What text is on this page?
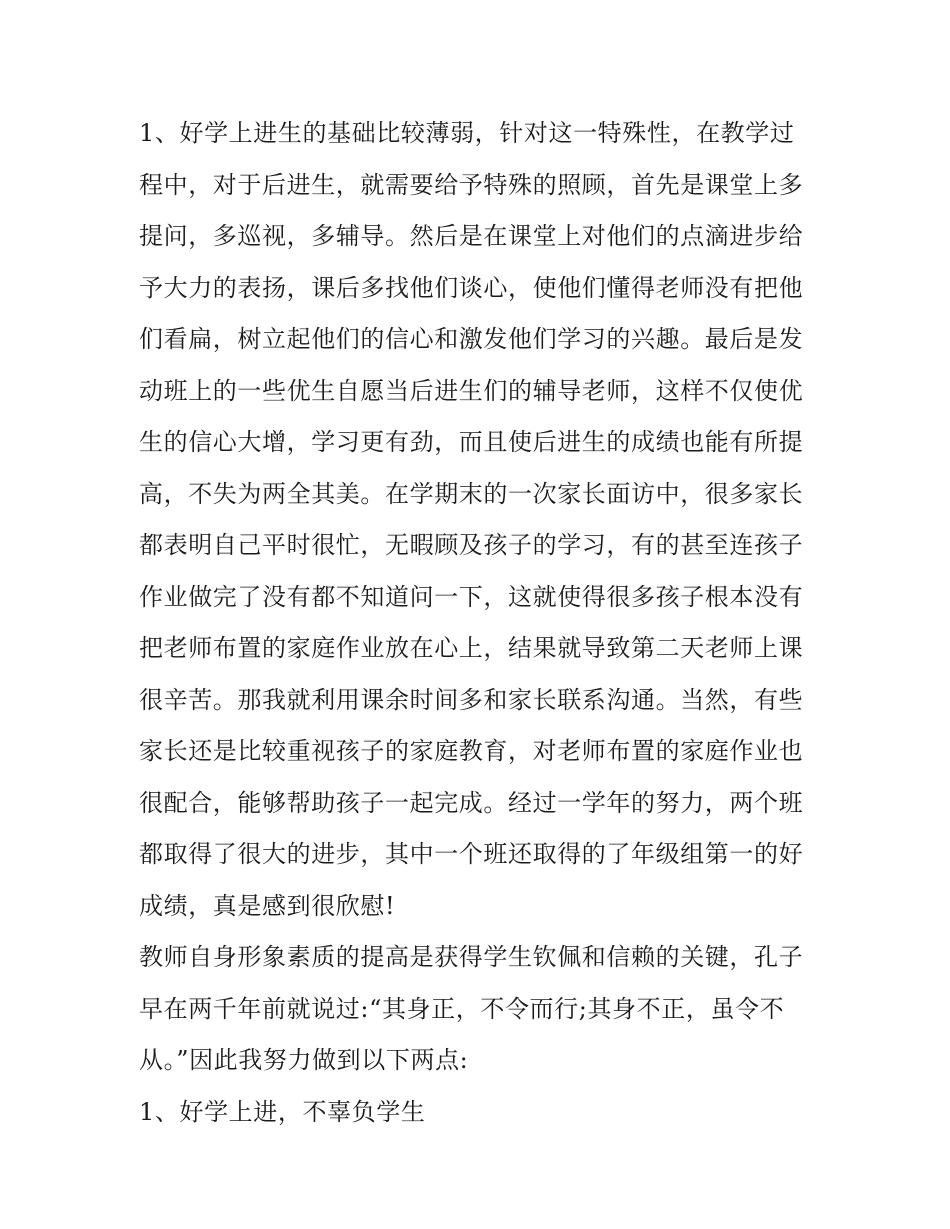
1、好学上进生的基础比较薄弱，针对这一特殊性，在教学过
程中，对于后进生，就需要给予特殊的照顾，首先是课堂上多
提问，多巡视，多辅导。然后是在课堂上对他们的点滴进步给
予大力的表扬，课后多找他们谈心，使他们懂得老师没有把他
们看扁，树立起他们的信心和激发他们学习的兴趣。最后是发
动班上的一些优生自愿当后进生们的辅导老师，这样不仅使优
生的信心大增，学习更有劲，而且使后进生的成绩也能有所提
高，不失为两全其美。在学期末的一次家长面访中，很多家长
都表明自己平时很忙，无暇顾及孩子的学习，有的甚至连孩子
作业做完了没有都不知道问一下，这就使得很多孩子根本没有
把老师布置的家庭作业放在心上，结果就导致第二天老师上课
很辛苦。那我就利用课余时间多和家长联系沟通。当然，有些
家长还是比较重视孩子的家庭教育，对老师布置的家庭作业也
很配合，能够帮助孩子一起完成。经过一学年的努力，两个班
都取得了很大的进步，其中一个班还取得的了年级组第一的好
成绩，真是感到很欣慰!
教师自身形象素质的提高是获得学生钦佩和信赖的关键，孔子
早在两千年前就说过:“其身正，不令而行;其身不正，虽令不
从。”因此我努力做到以下两点:
1、好学上进，不辜负学生
